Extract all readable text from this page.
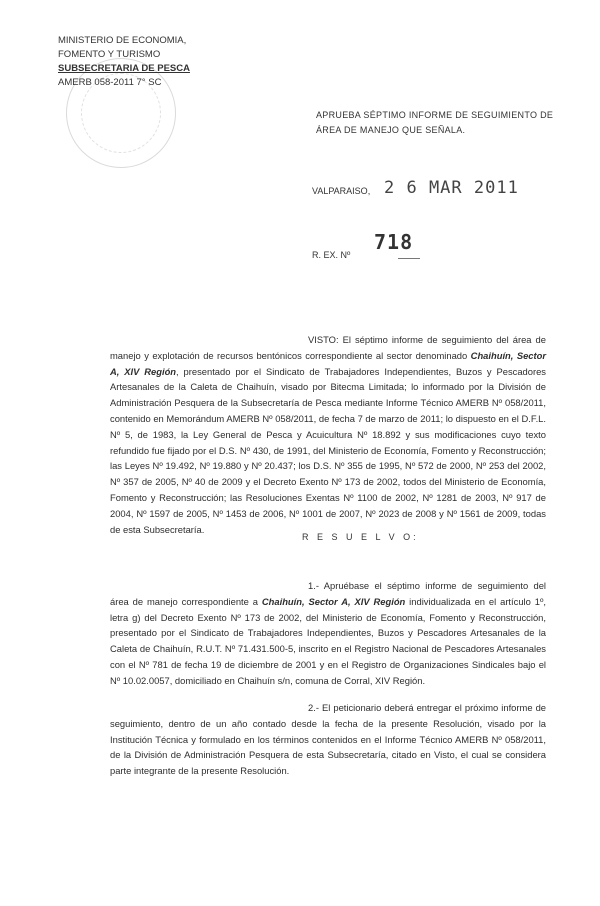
MINISTERIO DE ECONOMIA,
FOMENTO Y TURISMO
SUBSECRETARIA DE PESCA
AMERB 058-2011 7° SC
APRUEBA SÉPTIMO INFORME DE SEGUIMIENTO DE ÁREA DE MANEJO QUE SEÑALA.
VALPARAISO, 2 6 MAR 2011
718
R. EX. Nº
VISTO: El séptimo informe de seguimiento del área de manejo y explotación de recursos bentónicos correspondiente al sector denominado Chaihuín, Sector A, XIV Región, presentado por el Sindicato de Trabajadores Independientes, Buzos y Pescadores Artesanales de la Caleta de Chaihuín, visado por Bitecma Limitada; lo informado por la División de Administración Pesquera de la Subsecretaría de Pesca mediante Informe Técnico AMERB Nº 058/2011, contenido en Memorándum AMERB Nº 058/2011, de fecha 7 de marzo de 2011; lo dispuesto en el D.F.L. Nº 5, de 1983, la Ley General de Pesca y Acuicultura Nº 18.892 y sus modificaciones cuyo texto refundido fue fijado por el D.S. Nº 430, de 1991, del Ministerio de Economía, Fomento y Reconstrucción; las Leyes Nº 19.492, Nº 19.880 y Nº 20.437; los D.S. Nº 355 de 1995, Nº 572 de 2000, Nº 253 del 2002, Nº 357 de 2005, Nº 40 de 2009 y el Decreto Exento Nº 173 de 2002, todos del Ministerio de Economía, Fomento y Reconstrucción; las Resoluciones Exentas Nº 1100 de 2002, Nº 1281 de 2003, Nº 917 de 2004, Nº 1597 de 2005, Nº 1453 de 2006, Nº 1001 de 2007, Nº 2023 de 2008 y Nº 1561 de 2009, todas de esta Subsecretaría.
R E S U E L V O:
1.- Apruébase el séptimo informe de seguimiento del área de manejo correspondiente a Chaihuín, Sector A, XIV Región individualizada en el artículo 1º, letra g) del Decreto Exento Nº 173 de 2002, del Ministerio de Economía, Fomento y Reconstrucción, presentado por el Sindicato de Trabajadores Independientes, Buzos y Pescadores Artesanales de la Caleta de Chaihuín, R.U.T. Nº 71.431.500-5, inscrito en el Registro Nacional de Pescadores Artesanales con el Nº 781 de fecha 19 de diciembre de 2001 y en el Registro de Organizaciones Sindicales bajo el Nº 10.02.0057, domiciliado en Chaihuín s/n, comuna de Corral, XIV Región.
2.- El peticionario deberá entregar el próximo informe de seguimiento, dentro de un año contado desde la fecha de la presente Resolución, visado por la Institución Técnica y formulado en los términos contenidos en el Informe Técnico AMERB Nº 058/2011, de la División de Administración Pesquera de esta Subsecretaría, citado en Visto, el cual se considera parte integrante de la presente Resolución.
